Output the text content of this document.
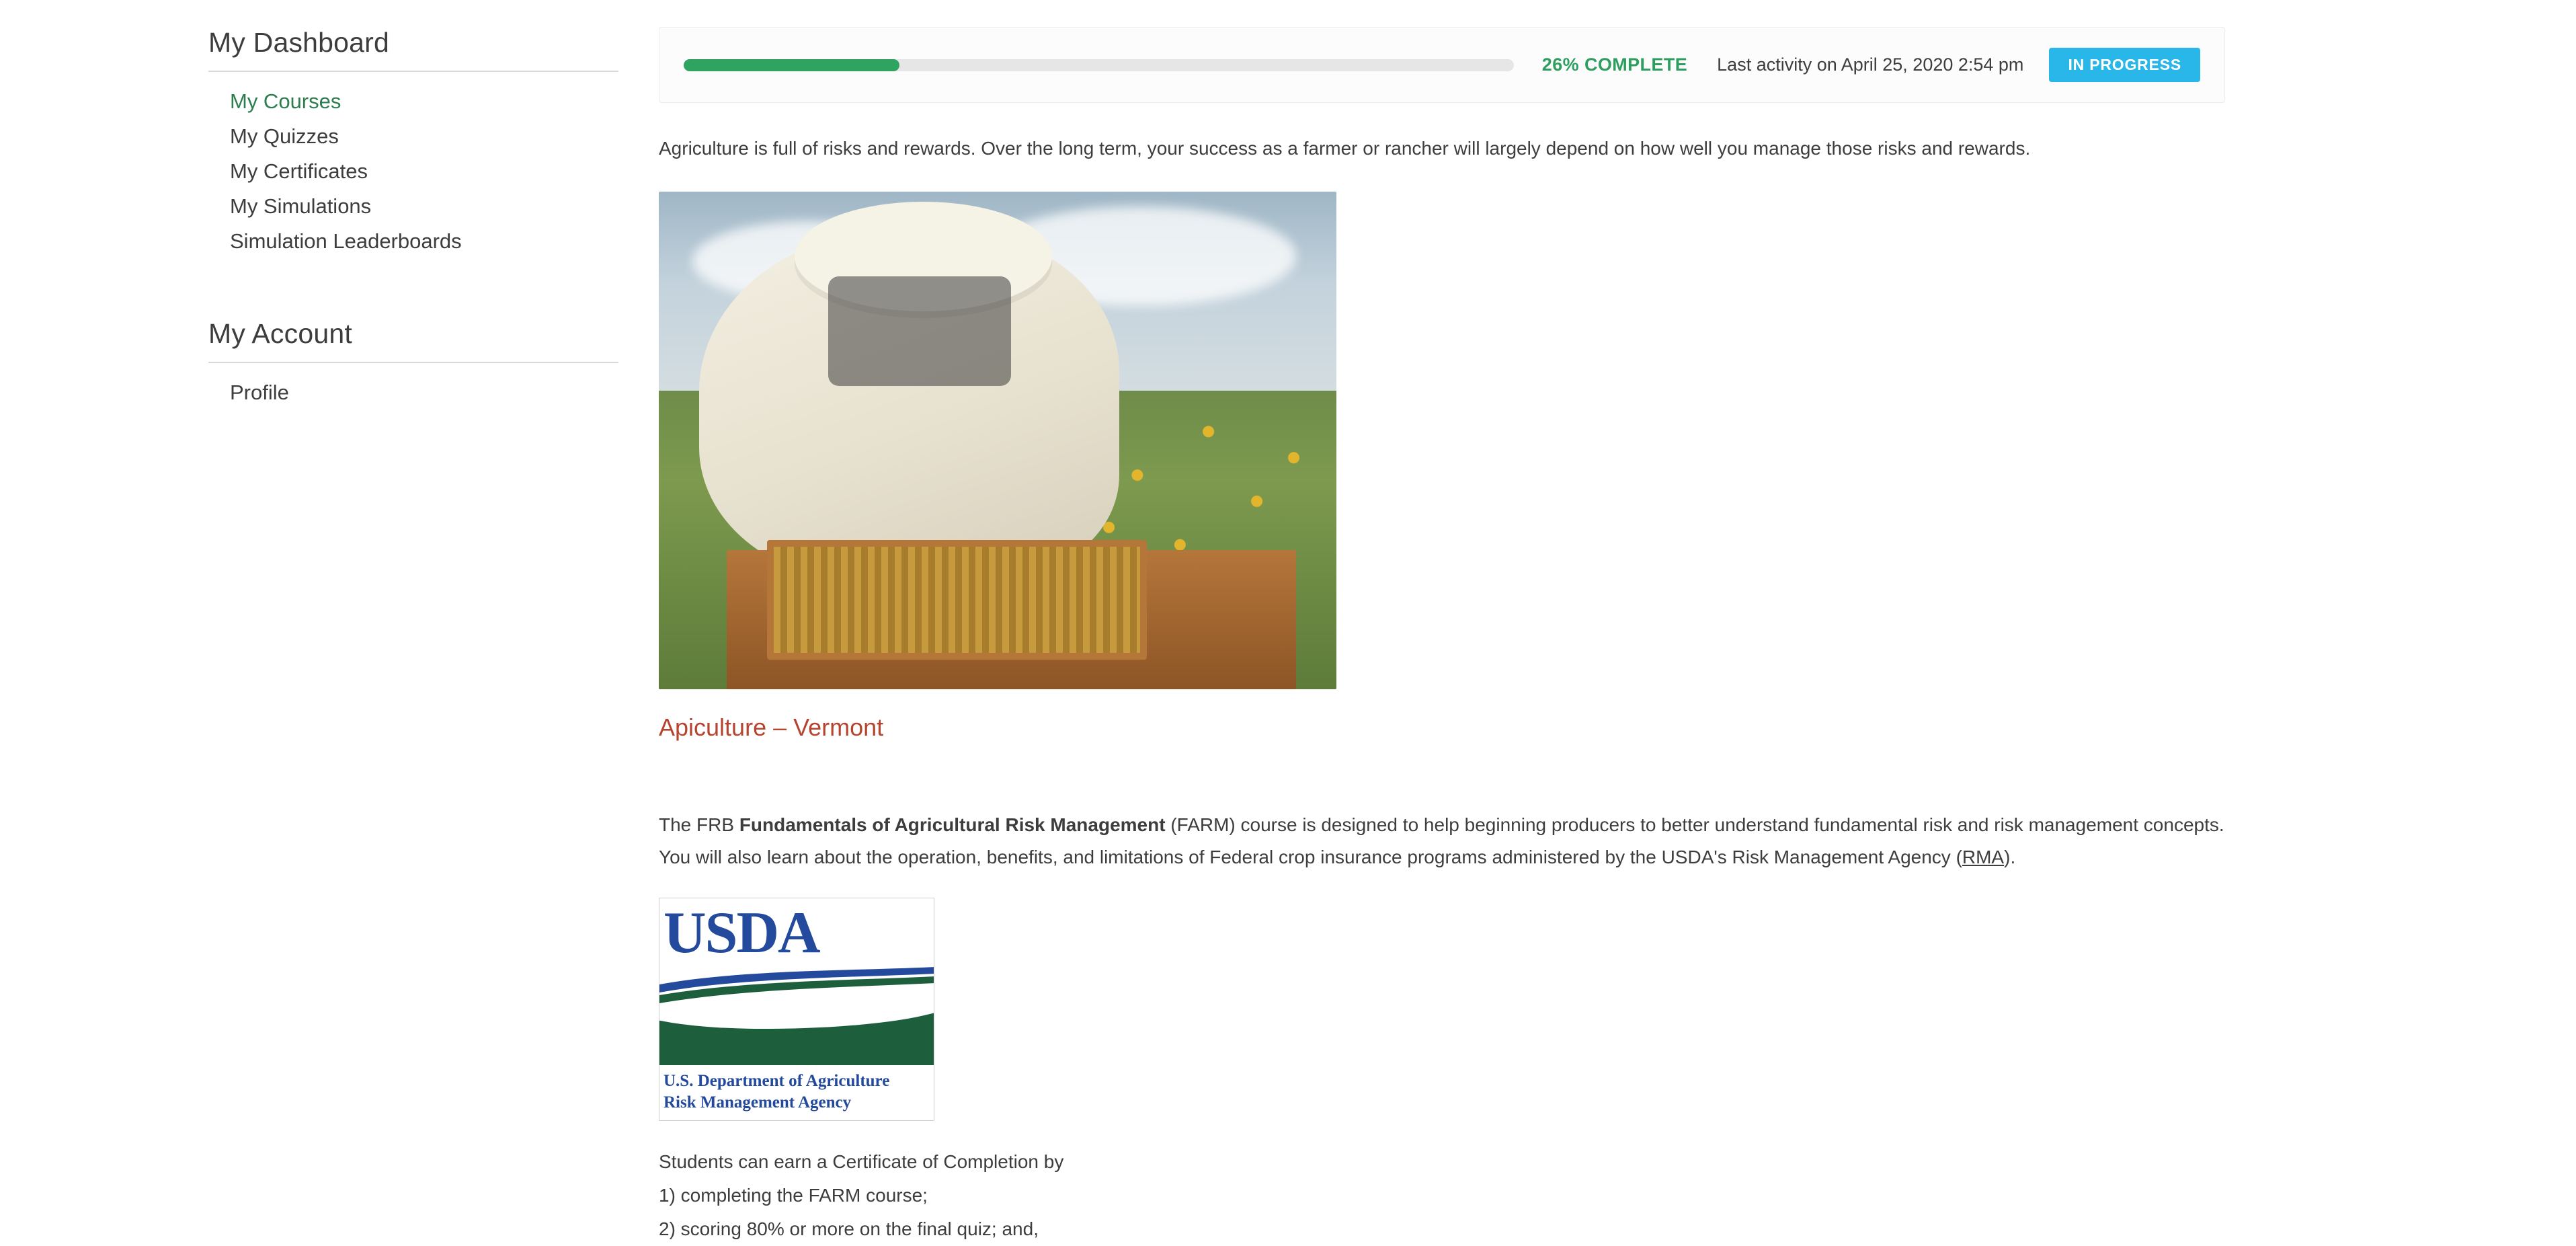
My Dashboard
My Courses
My Quizzes
My Certificates
My Simulations
Simulation Leaderboards
My Account
Profile
26% COMPLETE Last activity on April 25, 2020 2:54 pm	IN PROGRESS

Agriculture is full of risks and rewards. Over the long term, your success as a farmer or rancher will largely depend on how well you manage those risks and rewards.

Apiculture – Vermont

The FRB Fundamentals of Agricultural Risk Management (FARM) course is designed to help beginning producers to better understand fundamental risk and risk management concepts. You will also learn about the operation, benefits, and limitations of Federal crop insurance programs administered by the USDA's Risk Management Agency (RMA).

USDA
U.S. Department of Agriculture
Risk Management Agency
Students can earn a Certificate of Completion by
1) completing the FARM course;
2) scoring 80% or more on the final quiz; and,
